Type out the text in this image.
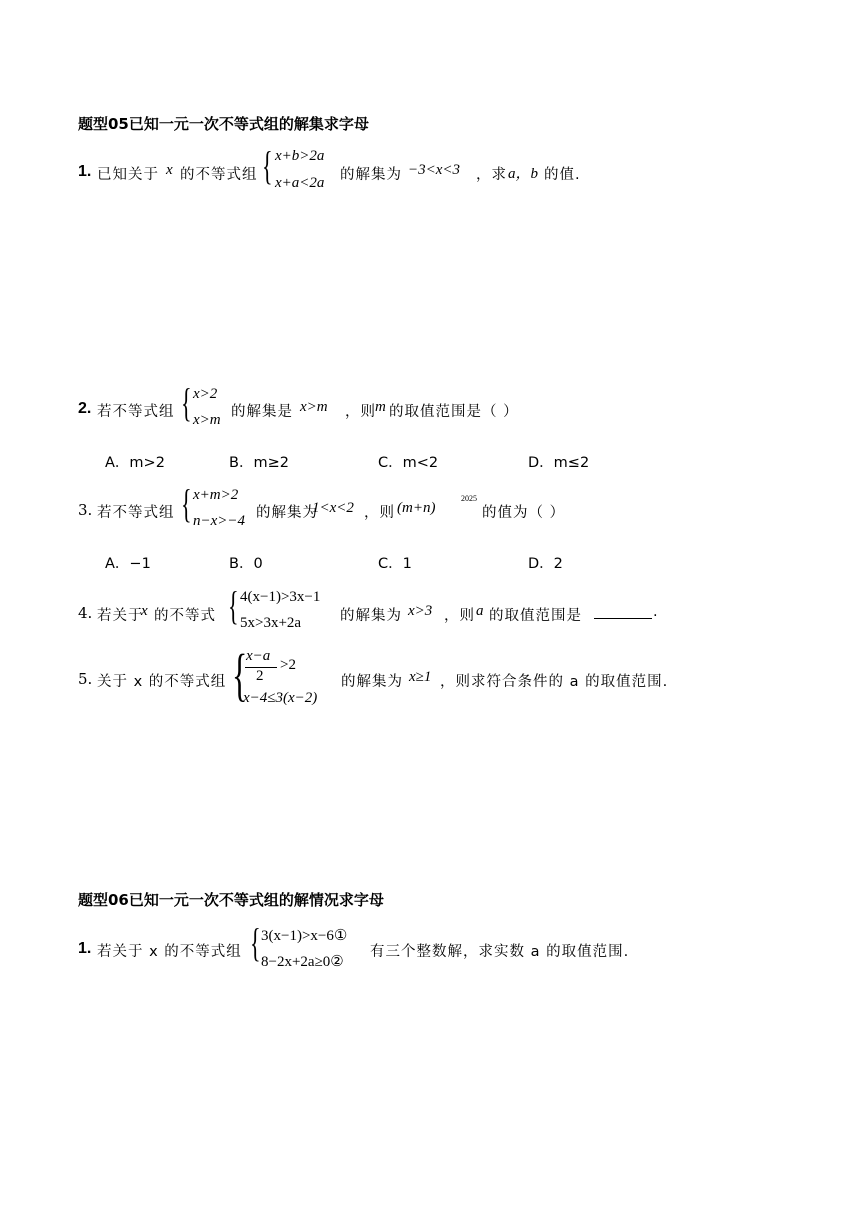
题型05已知一元一次不等式组的解集求字母
1. 已知关于 x 的不等式组 { x+b>2a
x+a<2a 的解集为 −3<x<3 ，求 a，b 的值.
2. 若不等式组 { x>2
x>m 的解集是 x>m ，则 m 的取值范围是（ ）
A．m>2	B．m≥2	C．m<2	D．m≤2
3. 若不等式组 { x+m>2
n−x>−4 的解集为
1<x<2 ，则 (m+n)
2025
的值为（ ）
A．−1	B．0	C．1	D．2
4. 若关于
x 的不等式 { 4(x−1)>3x−1
5x>3x+2a	的解集为 x>3 ，则 a 的取值范围是	.
5. 关于 x 的不等式组 {
x−a
2
>2
x−4≤3(x−2)
的解集为 x≥1 ，则求符合条件的 a 的取值范围.
题型06已知一元一次不等式组的解情况求字母
1. 若关于 x 的不等式组 { 3(x−1)>x−6①
8−2x+2a≥0②
有三个整数解，求实数 a 的取值范围.
